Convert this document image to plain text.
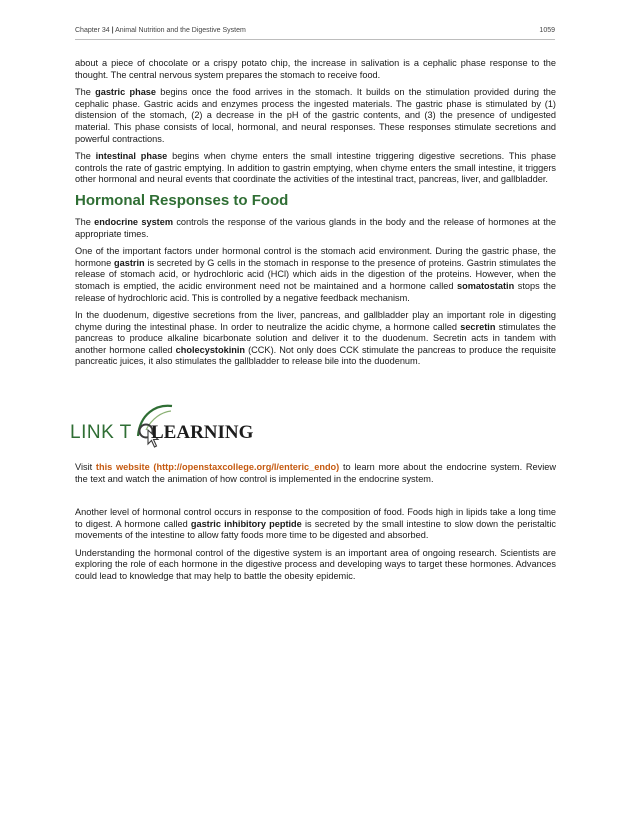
Chapter 34 | Animal Nutrition and the Digestive System	1059

about a piece of chocolate or a crispy potato chip, the increase in salivation is a cephalic phase response to the thought. The central nervous system prepares the stomach to receive food.

The gastric phase begins once the food arrives in the stomach. It builds on the stimulation provided during the cephalic phase. Gastric acids and enzymes process the ingested materials. The gastric phase is stimulated by (1) distension of the stomach, (2) a decrease in the pH of the gastric contents, and (3) the presence of undigested material. This phase consists of local, hormonal, and neural responses. These responses stimulate secretions and powerful contractions.

The intestinal phase begins when chyme enters the small intestine triggering digestive secretions. This phase controls the rate of gastric emptying. In addition to gastrin emptying, when chyme enters the small intestine, it triggers other hormonal and neural events that coordinate the activities of the intestinal tract, pancreas, liver, and gallbladder.

Hormonal Responses to Food

The endocrine system controls the response of the various glands in the body and the release of hormones at the appropriate times.

One of the important factors under hormonal control is the stomach acid environment. During the gastric phase, the hormone gastrin is secreted by G cells in the stomach in response to the presence of proteins. Gastrin stimulates the release of stomach acid, or hydrochloric acid (HCl) which aids in the digestion of the proteins. However, when the stomach is emptied, the acidic environment need not be maintained and a hormone called somatostatin stops the release of hydrochloric acid. This is controlled by a negative feedback mechanism.

In the duodenum, digestive secretions from the liver, pancreas, and gallbladder play an important role in digesting chyme during the intestinal phase. In order to neutralize the acidic chyme, a hormone called secretin stimulates the pancreas to produce alkaline bicarbonate solution and deliver it to the duodenum. Secretin acts in tandem with another hormone called cholecystokinin (CCK). Not only does CCK stimulate the pancreas to produce the requisite pancreatic juices, it also stimulates the gallbladder to release bile into the duodenum.

LINK T LEARNING

Visit this website (http://openstaxcollege.org/l/enteric_endo) to learn more about the endocrine system. Review the text and watch the animation of how control is implemented in the endocrine system.

Another level of hormonal control occurs in response to the composition of food. Foods high in lipids take a long time to digest. A hormone called gastric inhibitory peptide is secreted by the small intestine to slow down the peristaltic movements of the intestine to allow fatty foods more time to be digested and absorbed.

Understanding the hormonal control of the digestive system is an important area of ongoing research. Scientists are exploring the role of each hormone in the digestive process and developing ways to target these hormones. Advances could lead to knowledge that may help to battle the obesity epidemic.
